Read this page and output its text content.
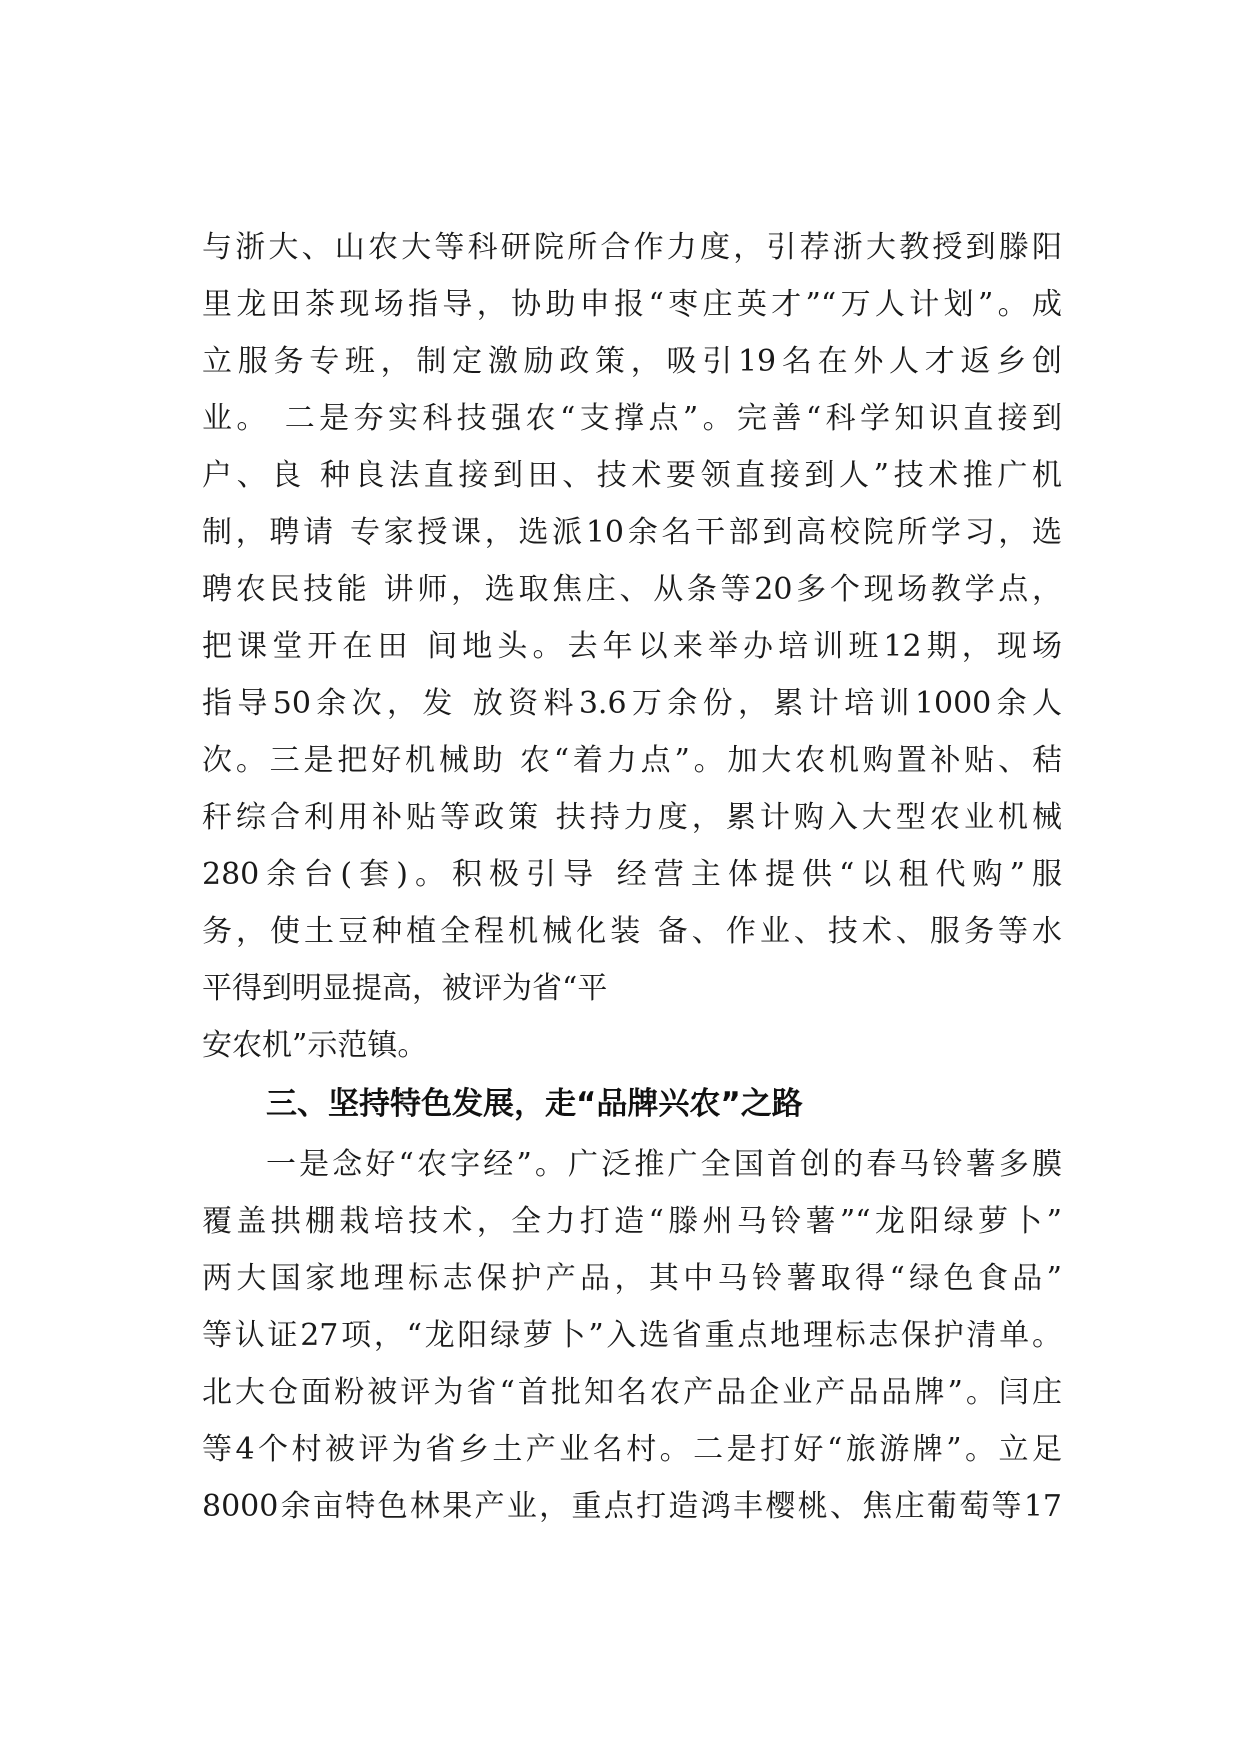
与浙大、山农大等科研院所合作力度，引荐浙大教授到滕阳
里龙田茶现场指导，协助申报“枣庄英才”“万人计划”。成
立服务专班，制定激励政策，吸引19名在外人才返乡创
业。 二是夯实科技强农“支撑点”。完善“科学知识直接到
户、良 种良法直接到田、技术要领直接到人”技术推广机
制，聘请 专家授课，选派10余名干部到高校院所学习，选
聘农民技能 讲师，选取焦庄、从条等20多个现场教学点，
把课堂开在田 间地头。去年以来举办培训班12期，现场
指导50余次，发 放资料3.6万余份，累计培训1000余人
次。三是把好机械助 农“着力点”。加大农机购置补贴、秸
秆综合利用补贴等政策 扶持力度，累计购入大型农业机械
280余台(套)。积极引导 经营主体提供“以租代购”服
务，使土豆种植全程机械化装 备、作业、技术、服务等水
平得到明显提高，被评为省“平
安农机”示范镇。
三、坚持特色发展，走“品牌兴农”之路
一是念好“农字经”。广泛推广全国首创的春马铃薯多膜
覆盖拱棚栽培技术，全力打造“滕州马铃薯”“龙阳绿萝卜”
两大国家地理标志保护产品，其中马铃薯取得“绿色食品”
等认证27项，“龙阳绿萝卜”入选省重点地理标志保护清单。
北大仓面粉被评为省“首批知名农产品企业产品品牌”。闫庄
等4个村被评为省乡土产业名村。二是打好“旅游牌”。立足
8000余亩特色林果产业，重点打造鸿丰樱桃、焦庄葡萄等17
